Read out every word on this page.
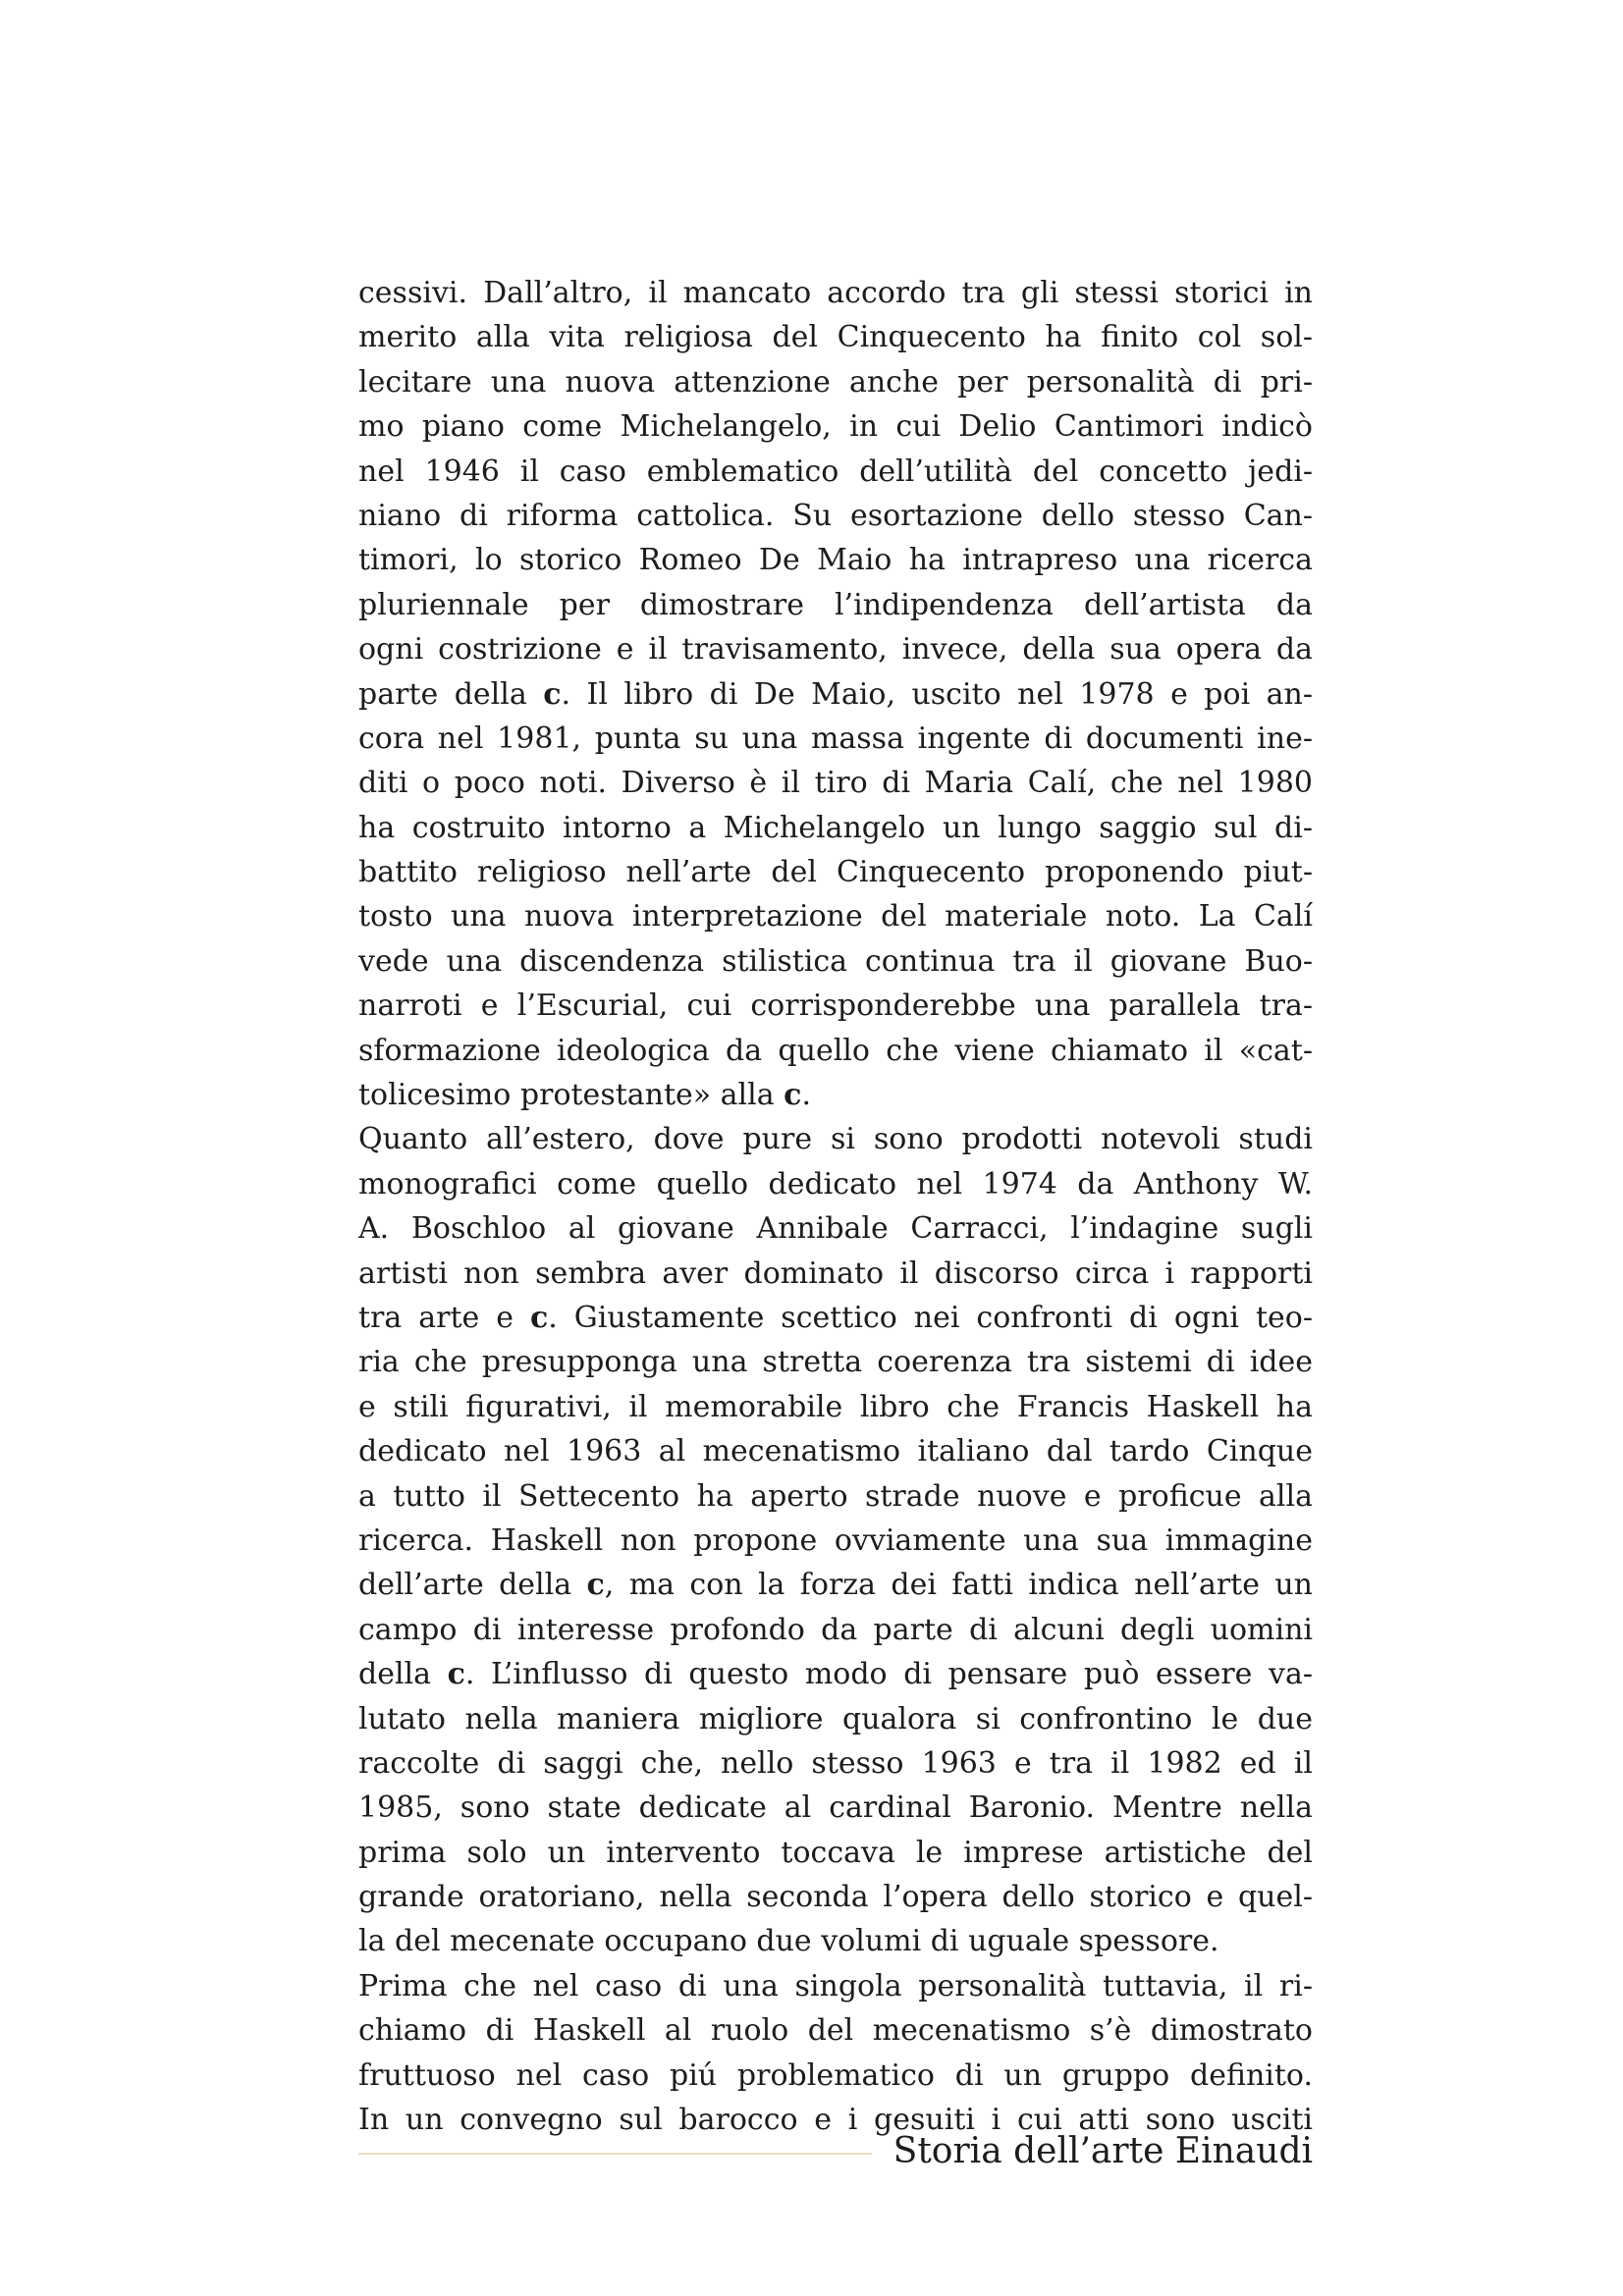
cessivi. Dall’altro, il mancato accordo tra gli stessi storici in
merito alla vita religiosa del Cinquecento ha finito col sol-
lecitare una nuova attenzione anche per personalità di pri-
mo piano come Michelangelo, in cui Delio Cantimori indicò
nel 1946 il caso emblematico dell’utilità del concetto jedi-
niano di riforma cattolica. Su esortazione dello stesso Can-
timori, lo storico Romeo De Maio ha intrapreso una ricerca
pluriennale per dimostrare l’indipendenza dell’artista da
ogni costrizione e il travisamento, invece, della sua opera da
parte della c. Il libro di De Maio, uscito nel 1978 e poi an-
cora nel 1981, punta su una massa ingente di documenti ine-
diti o poco noti. Diverso è il tiro di Maria Calí, che nel 1980
ha costruito intorno a Michelangelo un lungo saggio sul di-
battito religioso nell’arte del Cinquecento proponendo piut-
tosto una nuova interpretazione del materiale noto. La Calí
vede una discendenza stilistica continua tra il giovane Buo-
narroti e l’Escurial, cui corrisponderebbe una parallela tra-
sformazione ideologica da quello che viene chiamato il «cat-
tolicesimo protestante» alla c.
Quanto all’estero, dove pure si sono prodotti notevoli studi
monografici come quello dedicato nel 1974 da Anthony W.
A. Boschloo al giovane Annibale Carracci, l’indagine sugli
artisti non sembra aver dominato il discorso circa i rapporti
tra arte e c. Giustamente scettico nei confronti di ogni teo-
ria che presupponga una stretta coerenza tra sistemi di idee
e stili figurativi, il memorabile libro che Francis Haskell ha
dedicato nel 1963 al mecenatismo italiano dal tardo Cinque
a tutto il Settecento ha aperto strade nuove e proficue alla
ricerca. Haskell non propone ovviamente una sua immagine
dell’arte della c, ma con la forza dei fatti indica nell’arte un
campo di interesse profondo da parte di alcuni degli uomini
della c. L’influsso di questo modo di pensare può essere va-
lutato nella maniera migliore qualora si confrontino le due
raccolte di saggi che, nello stesso 1963 e tra il 1982 ed il
1985, sono state dedicate al cardinal Baronio. Mentre nella
prima solo un intervento toccava le imprese artistiche del
grande oratoriano, nella seconda l’opera dello storico e quel-
la del mecenate occupano due volumi di uguale spessore.
Prima che nel caso di una singola personalità tuttavia, il ri-
chiamo di Haskell al ruolo del mecenatismo s’è dimostrato
fruttuoso nel caso piú problematico di un gruppo definito.
In un convegno sul barocco e i gesuiti i cui atti sono usciti
Storia dell’arte Einaudi
